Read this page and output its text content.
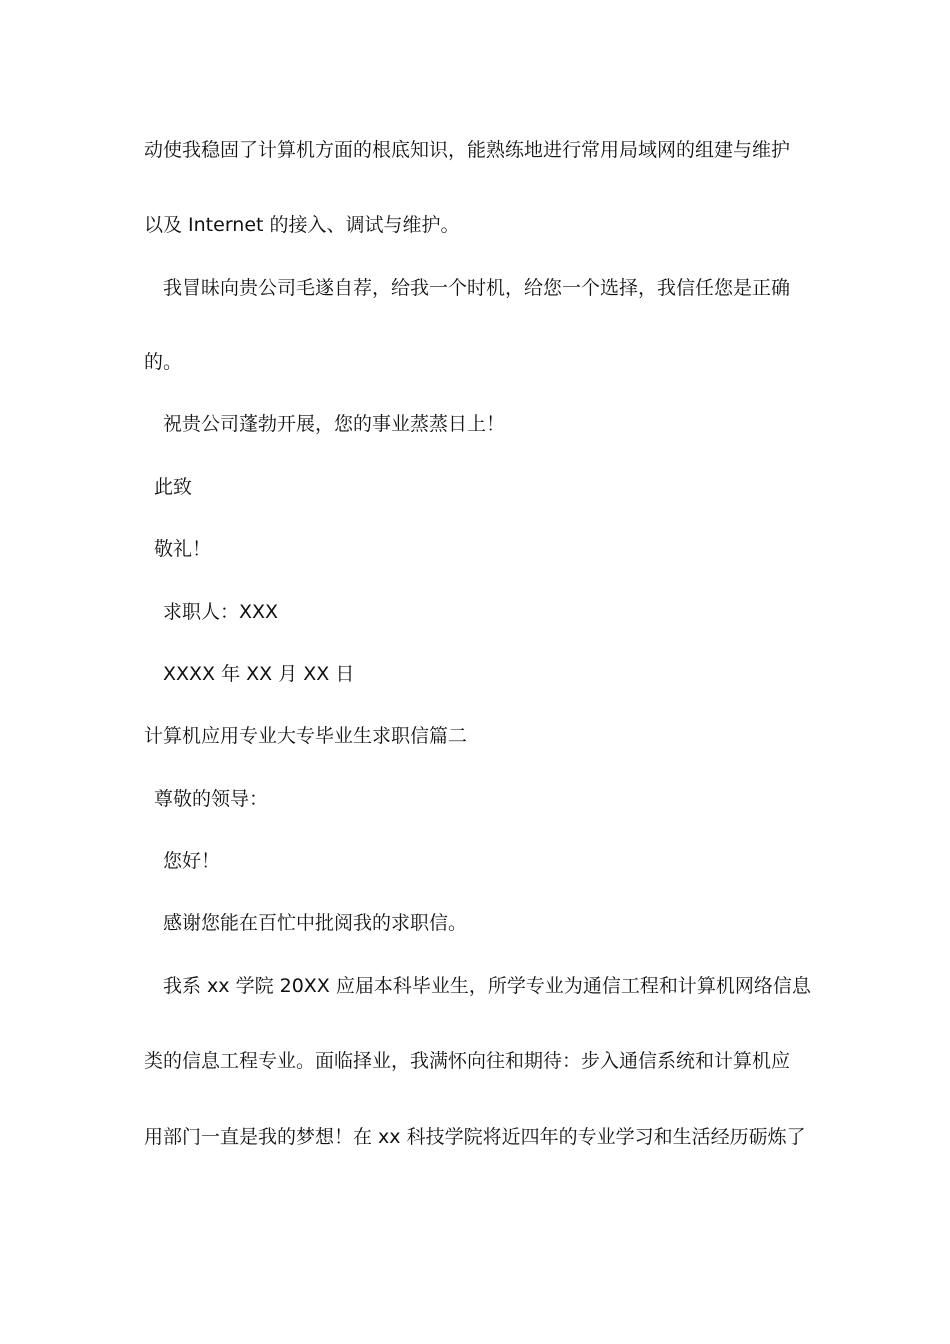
动使我稳固了计算机方面的根底知识，能熟练地进行常用局域网的组建与维护
以及 Internet 的接入、调试与维护。
我冒昧向贵公司毛遂自荐，给我一个时机，给您一个选择，我信任您是正确
的。
祝贵公司蓬勃开展，您的事业蒸蒸日上！
此致
敬礼！
求职人：XXX
XXXX 年 XX 月 XX 日
计算机应用专业大专毕业生求职信篇二
尊敬的领导：
您好！
感谢您能在百忙中批阅我的求职信。
我系 xx 学院 20XX 应届本科毕业生，所学专业为通信工程和计算机网络信息
类的信息工程专业。面临择业，我满怀向往和期待：步入通信系统和计算机应
用部门一直是我的梦想！在 xx 科技学院将近四年的专业学习和生活经历砺炼了
